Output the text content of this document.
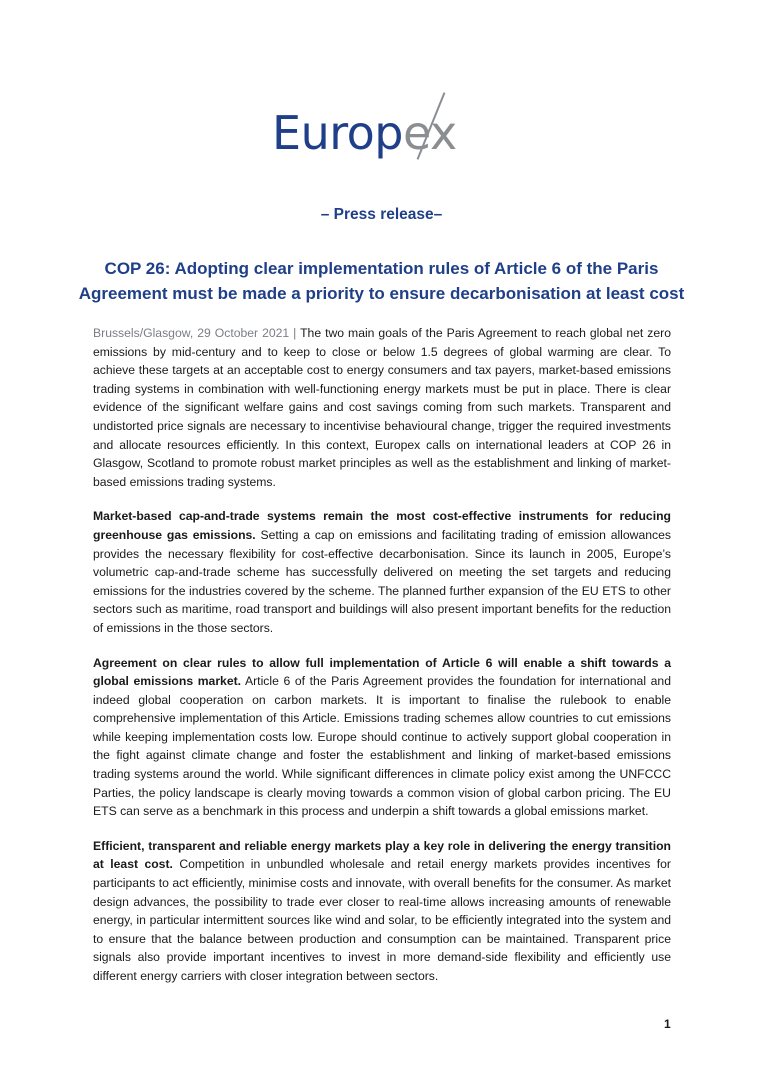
Europex
– Press release–
COP 26: Adopting clear implementation rules of Article 6 of the Paris
Agreement must be made a priority to ensure decarbonisation at least cost

Brussels/Glasgow, 29 October 2021 | The two main goals of the Paris Agreement to reach global net zero emissions by mid-century and to keep to close or below 1.5 degrees of global warming are clear. To achieve these targets at an acceptable cost to energy consumers and tax payers, market-based emissions trading systems in combination with well-functioning energy markets must be put in place. There is clear evidence of the significant welfare gains and cost savings coming from such markets. Transparent and undistorted price signals are necessary to incentivise behavioural change, trigger the required investments and allocate resources efficiently. In this context, Europex calls on international leaders at COP 26 in Glasgow, Scotland to promote robust market principles as well as the establishment and linking of market-based emissions trading systems.

Market-based cap-and-trade systems remain the most cost-effective instruments for reducing greenhouse gas emissions. Setting a cap on emissions and facilitating trading of emission allowances provides the necessary flexibility for cost-effective decarbonisation. Since its launch in 2005, Europe’s volumetric cap-and-trade scheme has successfully delivered on meeting the set targets and reducing emissions for the industries covered by the scheme. The planned further expansion of the EU ETS to other sectors such as maritime, road transport and buildings will also present important benefits for the reduction of emissions in the those sectors.

Agreement on clear rules to allow full implementation of Article 6 will enable a shift towards a global emissions market. Article 6 of the Paris Agreement provides the foundation for international and indeed global cooperation on carbon markets. It is important to finalise the rulebook to enable comprehensive implementation of this Article. Emissions trading schemes allow countries to cut emissions while keeping implementation costs low. Europe should continue to actively support global cooperation in the fight against climate change and foster the establishment and linking of market-based emissions trading systems around the world. While significant differences in climate policy exist among the UNFCCC Parties, the policy landscape is clearly moving towards a common vision of global carbon pricing. The EU ETS can serve as a benchmark in this process and underpin a shift towards a global emissions market.

Efficient, transparent and reliable energy markets play a key role in delivering the energy transition at least cost. Competition in unbundled wholesale and retail energy markets provides incentives for participants to act efficiently, minimise costs and innovate, with overall benefits for the consumer. As market design advances, the possibility to trade ever closer to real-time allows increasing amounts of renewable energy, in particular intermittent sources like wind and solar, to be efficiently integrated into the system and to ensure that the balance between production and consumption can be maintained. Transparent price signals also provide important incentives to invest in more demand-side flexibility and efficiently use different energy carriers with closer integration between sectors.

1
